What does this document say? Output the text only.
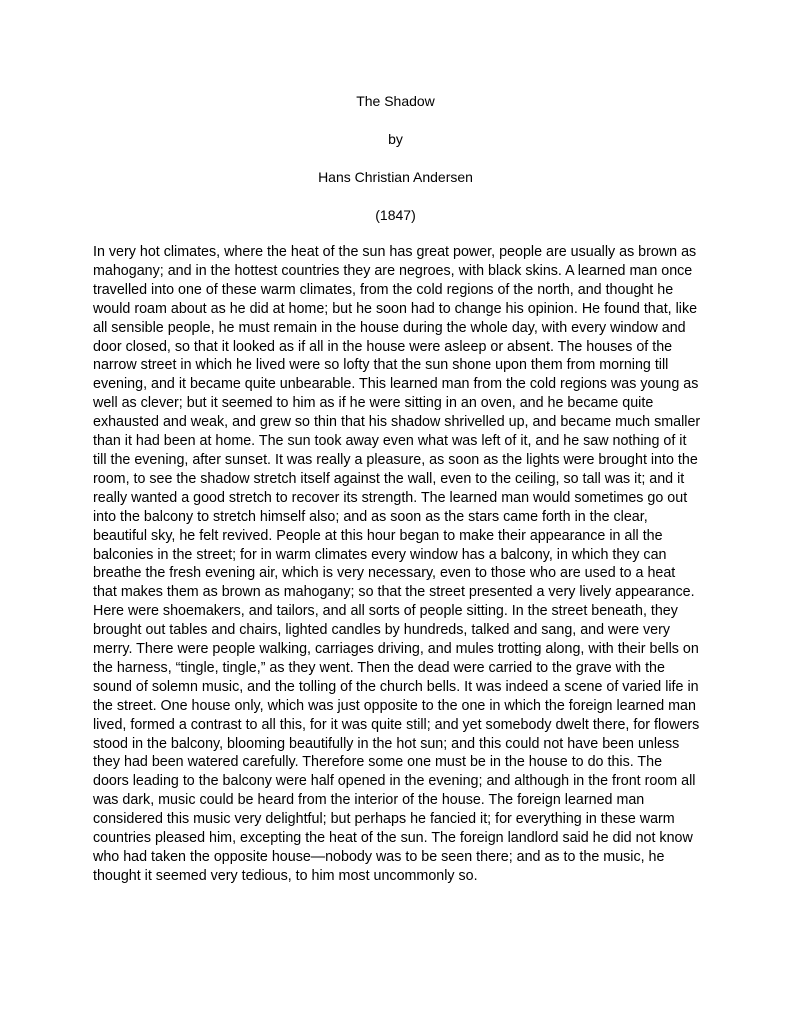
The Shadow
by
Hans Christian Andersen
(1847)
In very hot climates, where the heat of the sun has great power, people are usually as brown as
mahogany; and in the hottest countries they are negroes, with black skins. A learned man once
travelled into one of these warm climates, from the cold regions of the north, and thought he
would roam about as he did at home; but he soon had to change his opinion. He found that, like
all sensible people, he must remain in the house during the whole day, with every window and
door closed, so that it looked as if all in the house were asleep or absent. The houses of the
narrow street in which he lived were so lofty that the sun shone upon them from morning till
evening, and it became quite unbearable. This learned man from the cold regions was young as
well as clever; but it seemed to him as if he were sitting in an oven, and he became quite
exhausted and weak, and grew so thin that his shadow shrivelled up, and became much smaller
than it had been at home. The sun took away even what was left of it, and he saw nothing of it
till the evening, after sunset. It was really a pleasure, as soon as the lights were brought into the
room, to see the shadow stretch itself against the wall, even to the ceiling, so tall was it; and it
really wanted a good stretch to recover its strength. The learned man would sometimes go out
into the balcony to stretch himself also; and as soon as the stars came forth in the clear,
beautiful sky, he felt revived. People at this hour began to make their appearance in all the
balconies in the street; for in warm climates every window has a balcony, in which they can
breathe the fresh evening air, which is very necessary, even to those who are used to a heat
that makes them as brown as mahogany; so that the street presented a very lively appearance.
Here were shoemakers, and tailors, and all sorts of people sitting. In the street beneath, they
brought out tables and chairs, lighted candles by hundreds, talked and sang, and were very
merry. There were people walking, carriages driving, and mules trotting along, with their bells on
the harness, “tingle, tingle,” as they went. Then the dead were carried to the grave with the
sound of solemn music, and the tolling of the church bells. It was indeed a scene of varied life in
the street. One house only, which was just opposite to the one in which the foreign learned man
lived, formed a contrast to all this, for it was quite still; and yet somebody dwelt there, for flowers
stood in the balcony, blooming beautifully in the hot sun; and this could not have been unless
they had been watered carefully. Therefore some one must be in the house to do this. The
doors leading to the balcony were half opened in the evening; and although in the front room all
was dark, music could be heard from the interior of the house. The foreign learned man
considered this music very delightful; but perhaps he fancied it; for everything in these warm
countries pleased him, excepting the heat of the sun. The foreign landlord said he did not know
who had taken the opposite house—nobody was to be seen there; and as to the music, he
thought it seemed very tedious, to him most uncommonly so.
